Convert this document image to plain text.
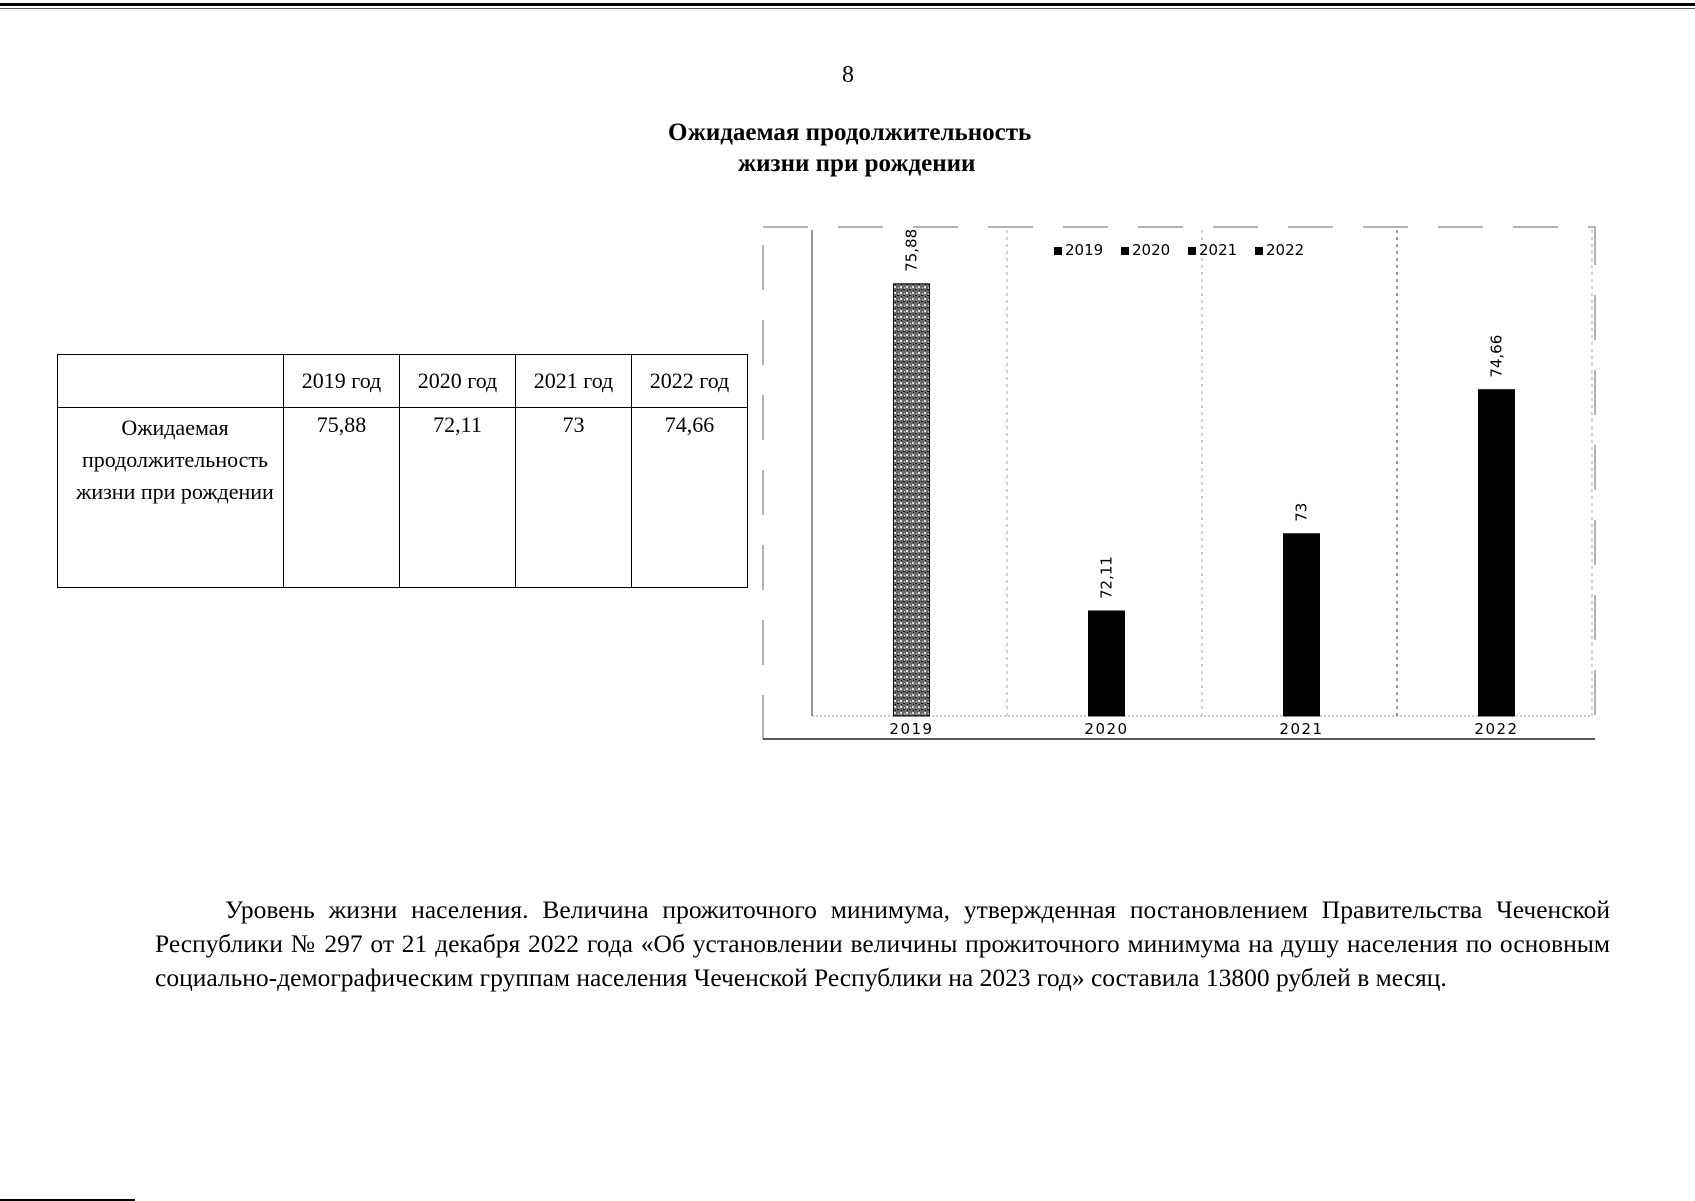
8
Ожидаемая продолжительность
жизни при рождении
	2019 год	2020 год	2021 год	2022 год
Ожидаемая продолжительность жизни при рождении	75,88	72,11	73	74,66
2019 2020 2021 2022
75,88
72,11
73
74,66
2019	2020	2021	2022
Уровень жизни населения. Величина прожиточного минимума, утвержденная постановлением Правительства Чеченской Республики № 297 от 21 декабря 2022 года «Об установлении величины прожиточного минимума на душу населения по основным социально-демографическим группам населения Чеченской Республики на 2023 год» составила 13800 рублей в месяц.
